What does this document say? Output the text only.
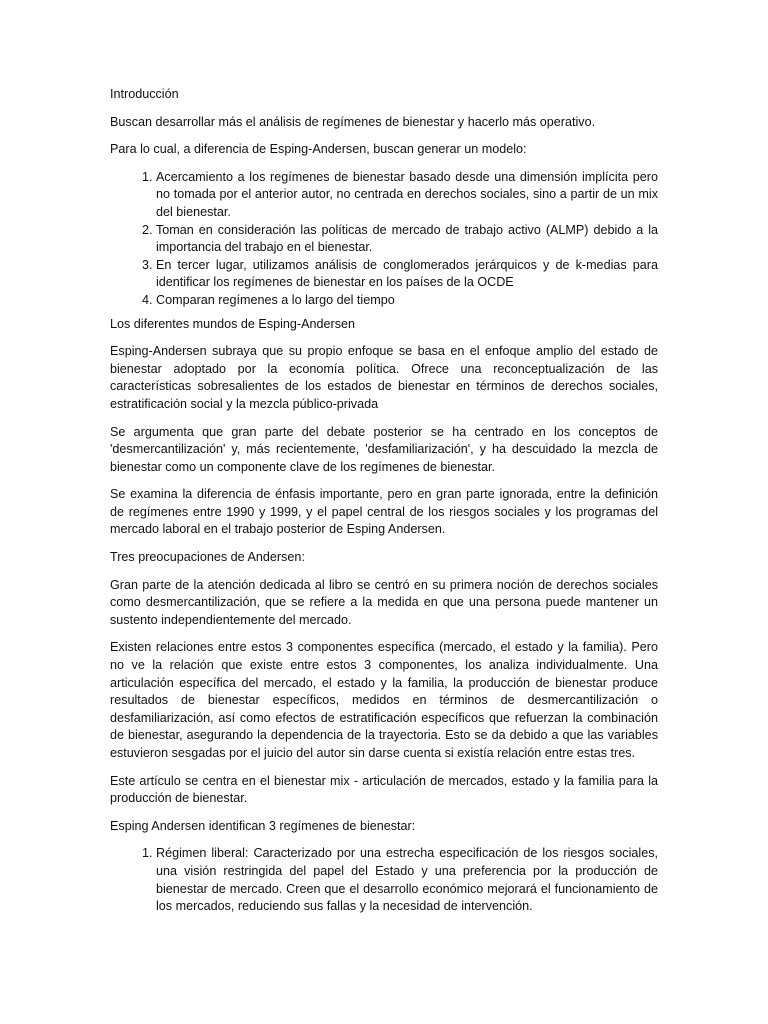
Introducción

Buscan desarrollar más el análisis de regímenes de bienestar y hacerlo más operativo.

Para lo cual, a diferencia de Esping-Andersen, buscan generar un modelo:

1. Acercamiento a los regímenes de bienestar basado desde una dimensión implícita pero no tomada por el anterior autor, no centrada en derechos sociales, sino a partir de un mix del bienestar.
2. Toman en consideración las políticas de mercado de trabajo activo (ALMP) debido a la importancia del trabajo en el bienestar.
3. En tercer lugar, utilizamos análisis de conglomerados jerárquicos y de k-medias para identificar los regímenes de bienestar en los países de la OCDE
4. Comparan regímenes a lo largo del tiempo

Los diferentes mundos de Esping-Andersen

Esping-Andersen subraya que su propio enfoque se basa en el enfoque amplio del estado de bienestar adoptado por la economía política. Ofrece una reconceptualización de las características sobresalientes de los estados de bienestar en términos de derechos sociales, estratificación social y la mezcla público-privada

Se argumenta que gran parte del debate posterior se ha centrado en los conceptos de 'desmercantilización' y, más recientemente, 'desfamiliarización', y ha descuidado la mezcla de bienestar como un componente clave de los regímenes de bienestar.

Se examina la diferencia de énfasis importante, pero en gran parte ignorada, entre la definición de regímenes entre 1990 y 1999, y el papel central de los riesgos sociales y los programas del mercado laboral en el trabajo posterior de Esping Andersen.

Tres preocupaciones de Andersen:

Gran parte de la atención dedicada al libro se centró en su primera noción de derechos sociales como desmercantilización, que se refiere a la medida en que una persona puede mantener un sustento independientemente del mercado.

Existen relaciones entre estos 3 componentes específica (mercado, el estado y la familia). Pero no ve la relación que existe entre estos 3 componentes, los analiza individualmente. Una articulación específica del mercado, el estado y la familia, la producción de bienestar produce resultados de bienestar específicos, medidos en términos de desmercantilización o desfamiliarización, así como efectos de estratificación específicos que refuerzan la combinación de bienestar, asegurando la dependencia de la trayectoria. Esto se da debido a que las variables estuvieron sesgadas por el juicio del autor sin darse cuenta si existía relación entre estas tres.

Este artículo se centra en el bienestar mix - articulación de mercados, estado y la familia para la producción de bienestar.

Esping Andersen identifican 3 regímenes de bienestar:

1. Régimen liberal: Caracterizado por una estrecha especificación de los riesgos sociales, una visión restringida del papel del Estado y una preferencia por la producción de bienestar de mercado. Creen que el desarrollo económico mejorará el funcionamiento de los mercados, reduciendo sus fallas y la necesidad de intervención.
